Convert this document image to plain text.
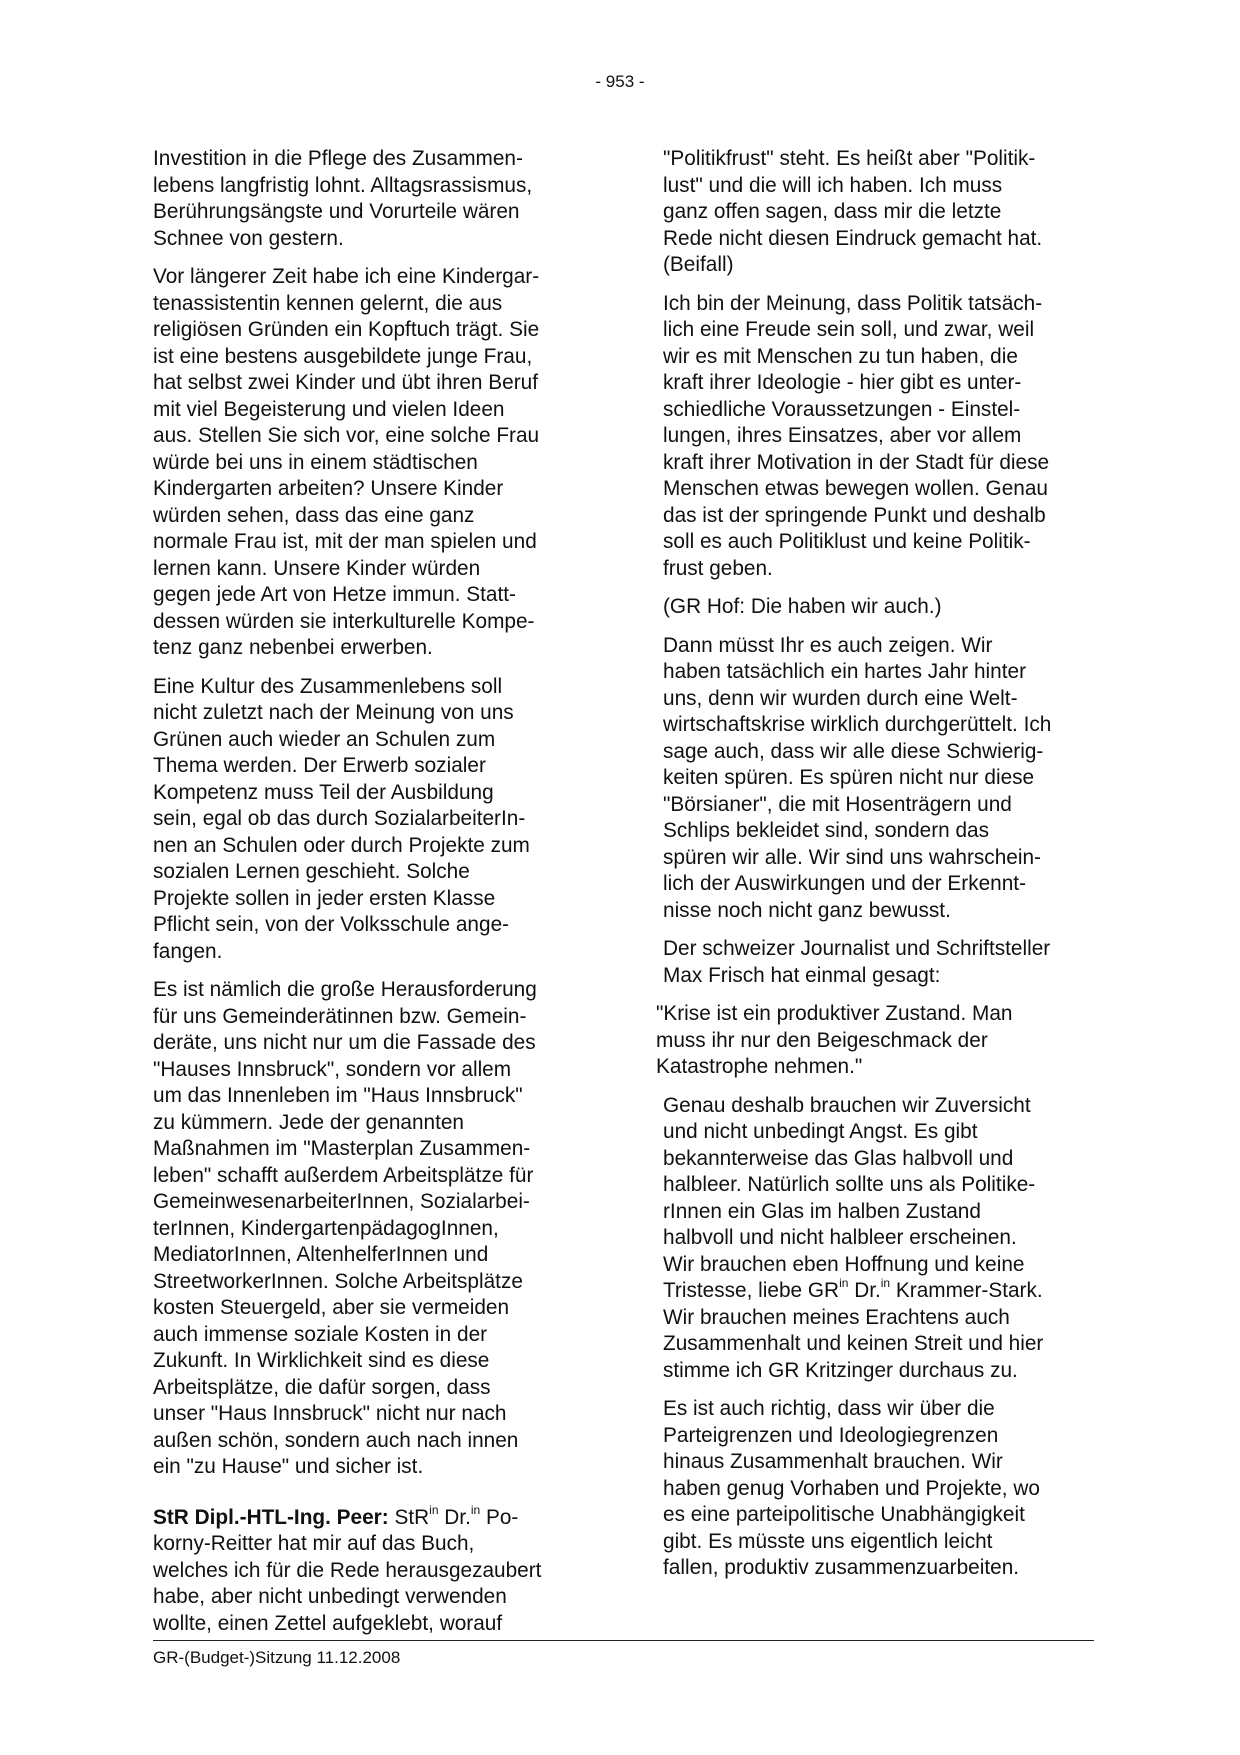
- 953 -
Investition in die Pflege des Zusammen-
lebens langfristig lohnt. Alltagsrassismus,
Berührungsängste und Vorurteile wären
Schnee von gestern.
Vor längerer Zeit habe ich eine Kindergar-
tenassistentin kennen gelernt, die aus
religiösen Gründen ein Kopftuch trägt. Sie
ist eine bestens ausgebildete junge Frau,
hat selbst zwei Kinder und übt ihren Beruf
mit viel Begeisterung und vielen Ideen
aus. Stellen Sie sich vor, eine solche Frau
würde bei uns in einem städtischen
Kindergarten arbeiten? Unsere Kinder
würden sehen, dass das eine ganz
normale Frau ist, mit der man spielen und
lernen kann. Unsere Kinder würden
gegen jede Art von Hetze immun. Statt-
dessen würden sie interkulturelle Kompe-
tenz ganz nebenbei erwerben.
Eine Kultur des Zusammenlebens soll
nicht zuletzt nach der Meinung von uns
Grünen auch wieder an Schulen zum
Thema werden. Der Erwerb sozialer
Kompetenz muss Teil der Ausbildung
sein, egal ob das durch SozialarbeiterIn-
nen an Schulen oder durch Projekte zum
sozialen Lernen geschieht. Solche
Projekte sollen in jeder ersten Klasse
Pflicht sein, von der Volksschule ange-
fangen.
Es ist nämlich die große Herausforderung
für uns Gemeinderätinnen bzw. Gemein-
deräte, uns nicht nur um die Fassade des
"Hauses Innsbruck", sondern vor allem
um das Innenleben im "Haus Innsbruck"
zu kümmern. Jede der genannten
Maßnahmen im "Masterplan Zusammen-
leben" schafft außerdem Arbeitsplätze für
GemeinwesenarbeiterInnen, Sozialarbei-
terInnen, KindergartenpädagogInnen,
MediatorInnen, AltenhelferInnen und
StreetworkerInnen. Solche Arbeitsplätze
kosten Steuergeld, aber sie vermeiden
auch immense soziale Kosten in der
Zukunft. In Wirklichkeit sind es diese
Arbeitsplätze, die dafür sorgen, dass
unser "Haus Innsbruck" nicht nur nach
außen schön, sondern auch nach innen
ein "zu Hause" und sicher ist.
StR Dipl.-HTL-Ing. Peer: StR$^{in}$ Dr.$^{in}$ Po-
korny-Reitter hat mir auf das Buch,
welches ich für die Rede herausgezaubert
habe, aber nicht unbedingt verwenden
wollte, einen Zettel aufgeklebt, worauf
"Politikfrust" steht. Es heißt aber "Politik-
lust" und die will ich haben. Ich muss
ganz offen sagen, dass mir die letzte
Rede nicht diesen Eindruck gemacht hat.
(Beifall)
Ich bin der Meinung, dass Politik tatsäch-
lich eine Freude sein soll, und zwar, weil
wir es mit Menschen zu tun haben, die
kraft ihrer Ideologie - hier gibt es unter-
schiedliche Voraussetzungen - Einstel-
lungen, ihres Einsatzes, aber vor allem
kraft ihrer Motivation in der Stadt für diese
Menschen etwas bewegen wollen. Genau
das ist der springende Punkt und deshalb
soll es auch Politiklust und keine Politik-
frust geben.
(GR Hof: Die haben wir auch.)
Dann müsst Ihr es auch zeigen. Wir
haben tatsächlich ein hartes Jahr hinter
uns, denn wir wurden durch eine Welt-
wirtschaftskrise wirklich durchgerüttelt. Ich
sage auch, dass wir alle diese Schwierig-
keiten spüren. Es spüren nicht nur diese
"Börsianer", die mit Hosenträgern und
Schlips bekleidet sind, sondern das
spüren wir alle. Wir sind uns wahrschein-
lich der Auswirkungen und der Erkennt-
nisse noch nicht ganz bewusst.
Der schweizer Journalist und Schriftsteller
Max Frisch hat einmal gesagt:
"Krise ist ein produktiver Zustand. Man
muss ihr nur den Beigeschmack der
Katastrophe nehmen."
Genau deshalb brauchen wir Zuversicht
und nicht unbedingt Angst. Es gibt
bekannterweise das Glas halbvoll und
halbleer. Natürlich sollte uns als Politike-
rInnen ein Glas im halben Zustand
halbvoll und nicht halbleer erscheinen.
Wir brauchen eben Hoffnung und keine
Tristesse, liebe $GR^{in}$ Dr.$^{in}$ Krammer-Stark.
Wir brauchen meines Erachtens auch
Zusammenhalt und keinen Streit und hier
stimme ich GR Kritzinger durchaus zu.
Es ist auch richtig, dass wir über die
Parteigrenzen und Ideologiegrenzen
hinaus Zusammenhalt brauchen. Wir
haben genug Vorhaben und Projekte, wo
es eine parteipolitische Unabhängigkeit
gibt. Es müsste uns eigentlich leicht
fallen, produktiv zusammenzuarbeiten.
GR-(Budget-)Sitzung 11.12.2008
